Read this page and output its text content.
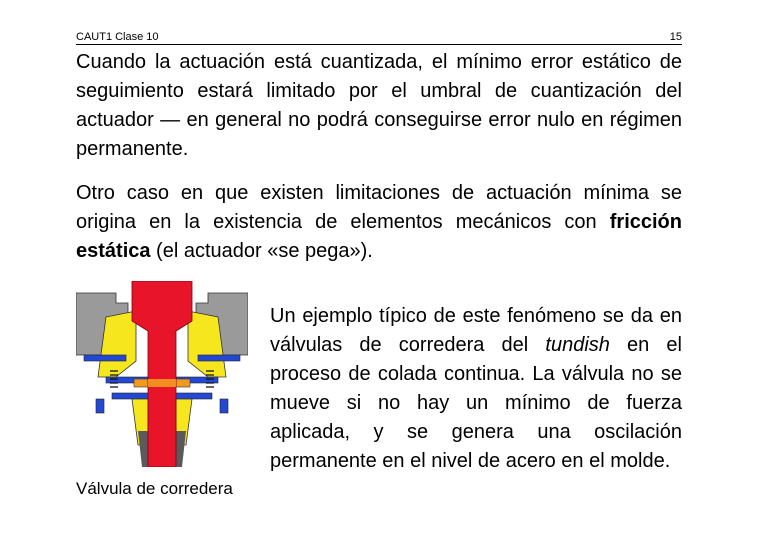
CAUT1 Clase 10	15

Cuando la actuación está cuantizada, el mínimo error estático de seguimiento estará limitado por el umbral de cuantización del actuador — en general no podrá conseguirse error nulo en régimen permanente.

Otro caso en que existen limitaciones de actuación mínima se origina en la existencia de elementos mecánicos con fricción estática (el actuador «se pega»).

Válvula de corredera

Un ejemplo típico de este fenómeno se da en válvulas de corredera del tundish en el proceso de colada continua. La válvula no se mueve si no hay un mínimo de fuerza aplicada, y se genera una oscilación permanente en el nivel de acero en el molde.
